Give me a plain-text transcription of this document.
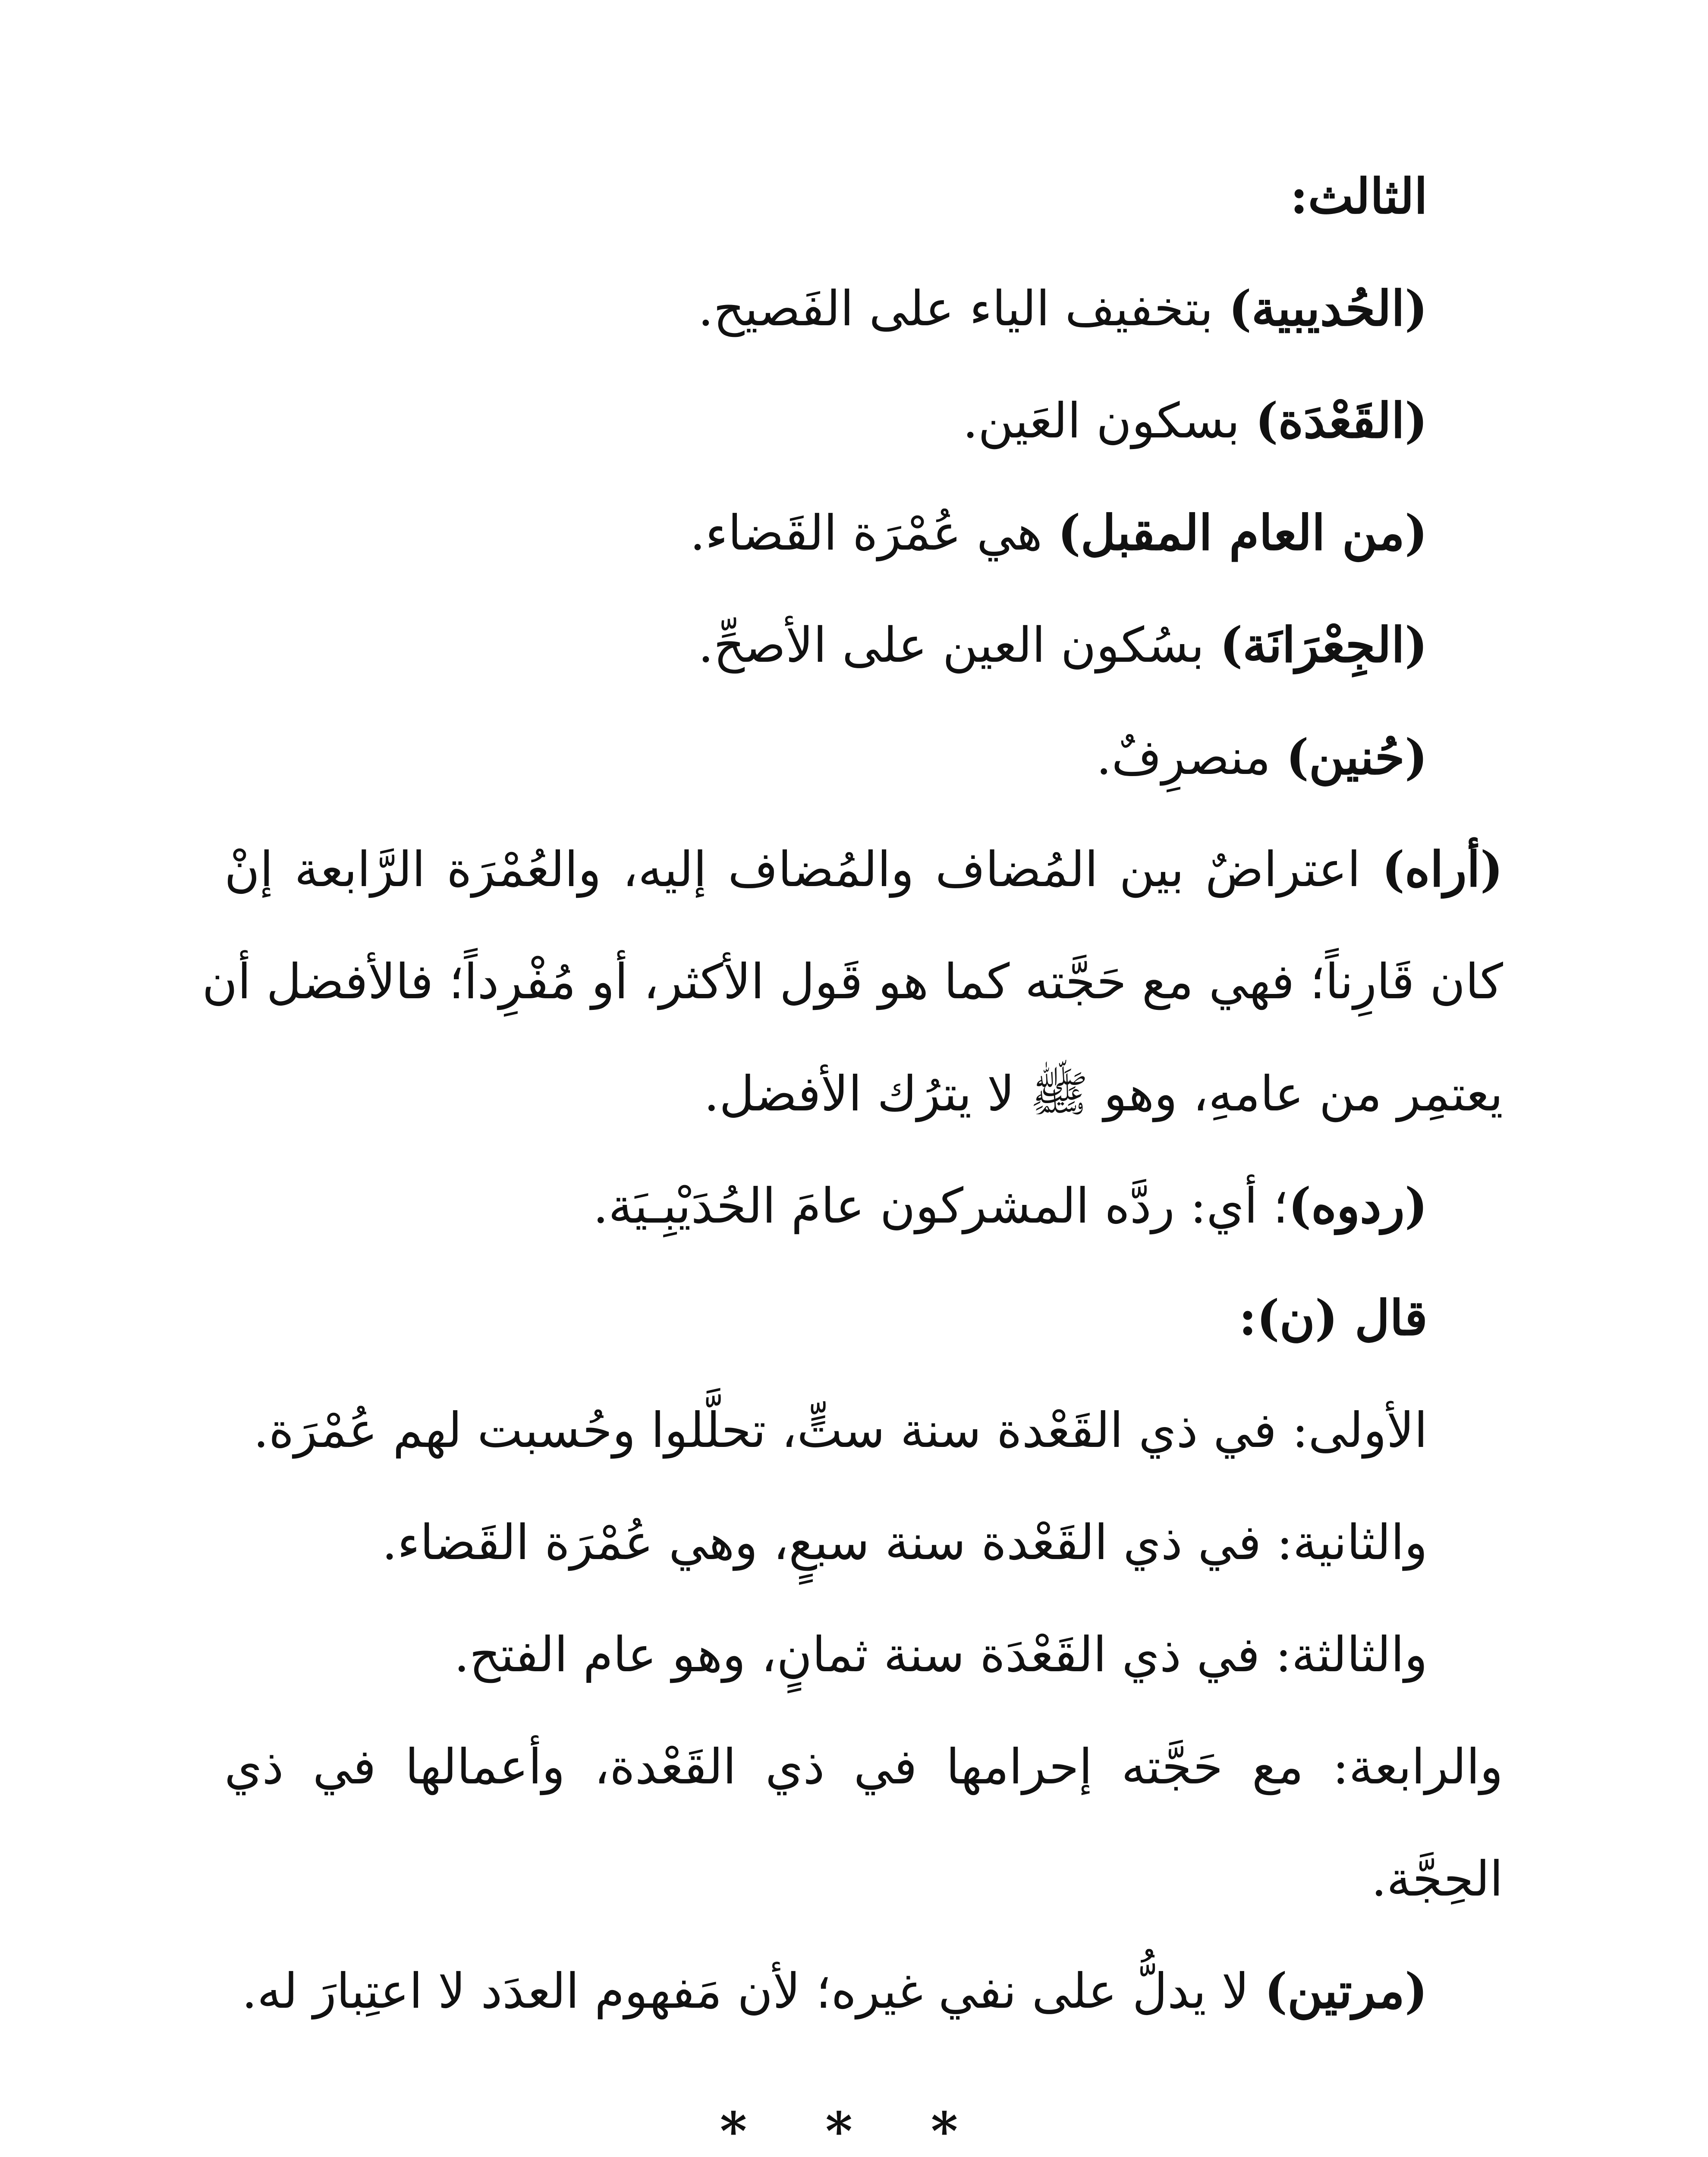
الثالث:
(الحُديبية) بتخفيف الياء على الفَصيح.
(القَعْدَة) بسكون العَين.
(من العام المقبل) هي عُمْرَة القَضاء.
(الجِعْرَانَة) بسُكون العين على الأصحِّ.
(حُنين) منصرِفٌ.
(أراه) اعتراضٌ بين المُضاف والمُضاف إليه، والعُمْرَة الرَّابعة إنْ
كان قَارِناً؛ فهي مع حَجَّته كما هو قَول الأكثر، أو مُفْرِداً؛ فالأفضل أن
يعتمِر من عامهِ، وهو ﷺ لا يترُك الأفضل.
(ردوه)؛ أي: ردَّه المشركون عامَ الحُدَيْبِـيَة.
قال (ن):
الأولى: في ذي القَعْدة سنة ستٍّ، تحلَّلوا وحُسبت لهم عُمْرَة.
والثانية: في ذي القَعْدة سنة سبعٍ، وهي عُمْرَة القَضاء.
والثالثة: في ذي القَعْدَة سنة ثمانٍ، وهو عام الفتح.
والرابعة: مع حَجَّته إحرامها في ذي القَعْدة، وأعمالها في ذي
الحِجَّة.
(مرتين) لا يدلُّ على نفي غيره؛ لأن مَفهوم العدَد لا اعتِبارَ له.
* * *
